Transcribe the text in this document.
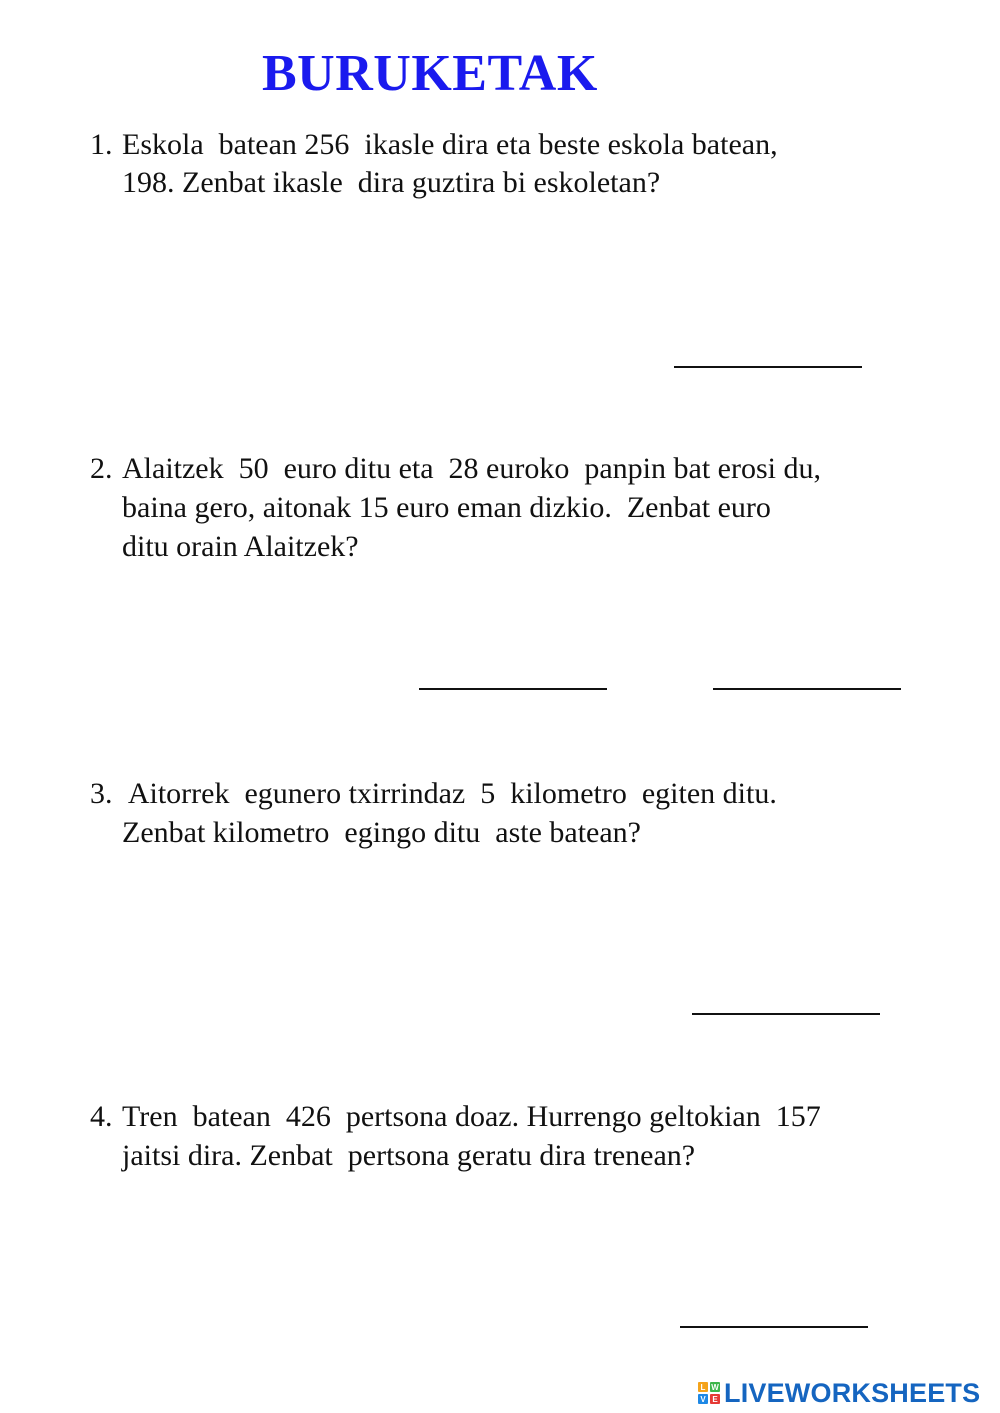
BURUKETAK
1. Eskola  batean 256  ikasle dira eta beste eskola batean,
198. Zenbat ikasle  dira guztira bi eskoletan?
2. Alaitzek  50  euro ditu eta  28 euroko  panpin bat erosi du,
baina gero, aitonak 15 euro eman dizkio.  Zenbat euro
ditu orain Alaitzek?
3. Aitorrek  egunero txirrindaz  5  kilometro  egiten ditu.
Zenbat kilometro  egingo ditu  aste batean?
4. Tren  batean  426  pertsona doaz. Hurrengo geltokian  157
jaitsi dira. Zenbat  pertsona geratu dira trenean?
L W
V E LIVEWORKSHEETS
